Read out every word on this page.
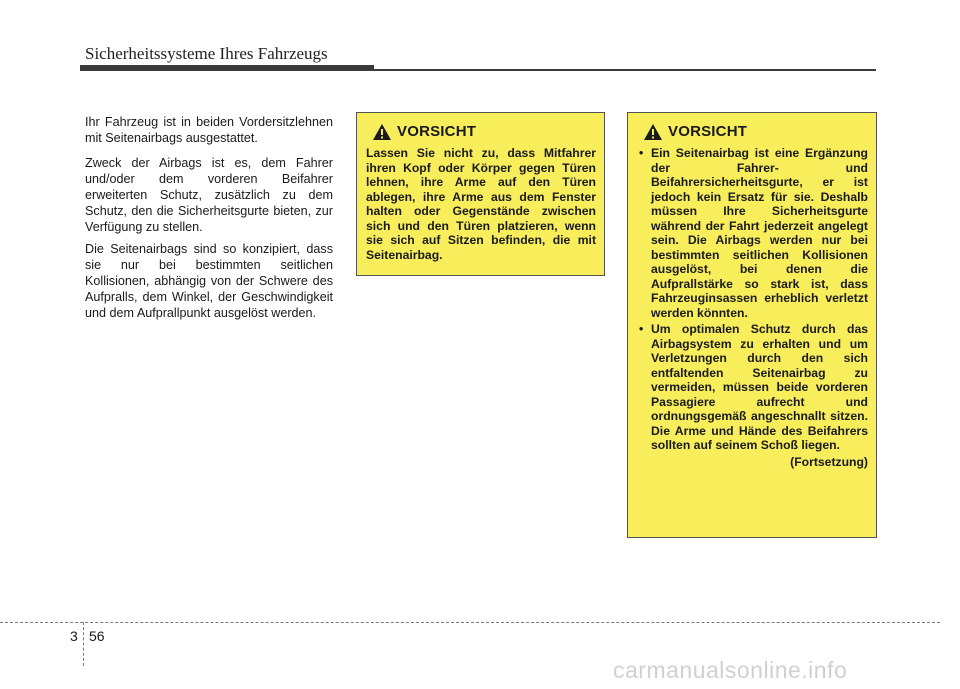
Sicherheitssysteme Ihres Fahrzeugs

Ihr Fahrzeug ist in beiden Vordersitzlehnen mit Seitenairbags ausgestattet.

Zweck der Airbags ist es, dem Fahrer und/oder dem vorderen Beifahrer erweiterten Schutz, zusätzlich zu dem Schutz, den die Sicherheitsgurte bieten, zur Verfügung zu stellen.

Die Seitenairbags sind so konzipiert, dass sie nur bei bestimmten seitlichen Kollisionen, abhängig von der Schwere des Aufpralls, dem Winkel, der Geschwindigkeit und dem Aufprallpunkt ausgelöst werden.

VORSICHT
Lassen Sie nicht zu, dass Mitfahrer ihren Kopf oder Körper gegen Türen lehnen, ihre Arme auf den Türen ablegen, ihre Arme aus dem Fenster halten oder Gegenstände zwischen sich und den Türen platzieren, wenn sie sich auf Sitzen befinden, die mit Seitenairbag.
VORSICHT
• Ein Seitenairbag ist eine Ergänzung der Fahrer- und Beifahrersicherheitsgurte, er ist jedoch kein Ersatz für sie. Deshalb müssen Ihre Sicherheitsgurte während der Fahrt jederzeit angelegt sein. Die Airbags werden nur bei bestimmten seitlichen Kollisionen ausgelöst, bei denen die Aufprallstärke so stark ist, dass Fahrzeuginsassen erheblich verletzt werden könnten.
• Um optimalen Schutz durch das Airbagsystem zu erhalten und um Verletzungen durch den sich entfaltenden Seitenairbag zu vermeiden, müssen beide vorderen Passagiere aufrecht und ordnungsgemäß angeschnallt sitzen. Die Arme und Hände des Beifahrers sollten auf seinem Schoß liegen.
(Fortsetzung)
3 56
carmanualsonline.info
